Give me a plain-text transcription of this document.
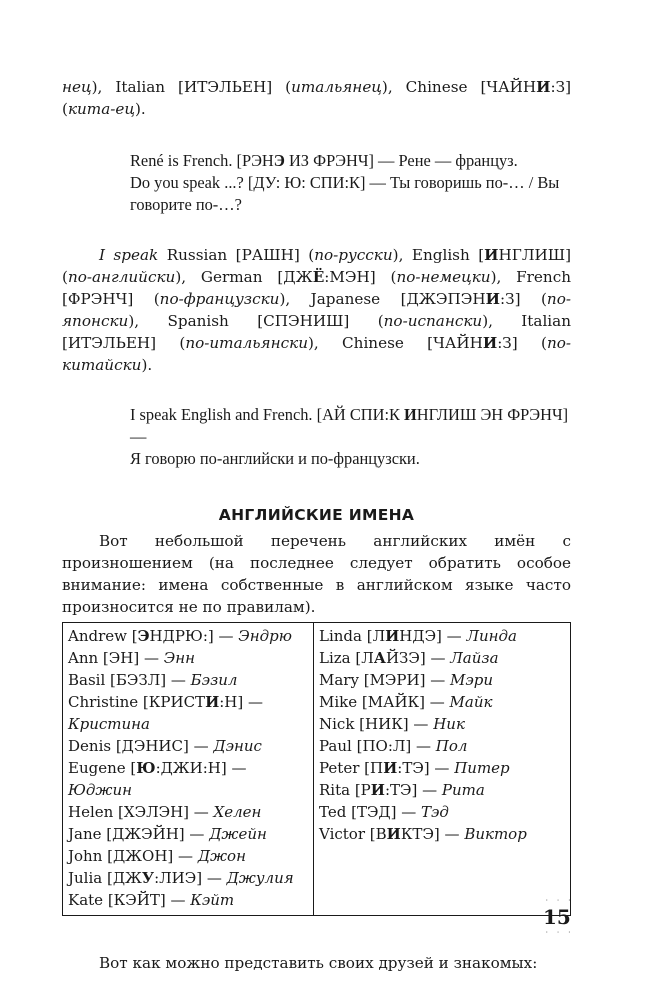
нец), Italian [ИТЭЛЬЕН] (итальянец), Chinese [ЧАЙНИ:З] (кита-ец).

René is French. [РЭНЭ ИЗ ФРЭНЧ] — Рене — француз.
Do you speak ...? [ДУ: Ю: СПИ:К] — Ты говоришь по-… / Вы говорите по-…?

I speak Russian [РАШН] (по-русски), English [ИНГЛИШ] (по-английски), German [ДЖЁ:МЭН] (по-немецки), French [ФРЭНЧ] (по-французски), Japanese [ДЖЭПЭНИ:З] (по-японски), Spanish [СПЭНИШ] (по-испански), Italian [ИТЭЛЬЕН] (по-итальянски), Chinese [ЧАЙНИ:З] (по-китайски).

I speak English and French. [АЙ СПИ:К ИНГЛИШ ЭН ФРЭНЧ] —
Я говорю по-английски и по-французски.

АНГЛИЙСКИЕ ИМЕНА

Вот небольшой перечень английских имён с произношением (на последнее следует обратить особое внимание: имена собственные в английском языке часто произносится не по правилам).

Andrew [ЭНДРЮ:] — Эндрю
Ann [ЭН] — Энн
Basil [БЭЗЛ] — Бэзил
Christine [КРИСТИ:Н] — Кристина
Denis [ДЭНИС] — Дэнис
Eugene [Ю:ДЖИ:Н] — Юджин
Helen [ХЭЛЭН] — Хелен
Jane [ДЖЭЙН] — Джейн
John [ДЖОН] — Джон
Julia [ДЖУ:ЛИЭ] — Джулия
Kate [КЭЙТ] — Кэйт

Linda [ЛИНДЭ] — Линда
Liza [ЛАЙЗЭ] — Лайза
Mary [МЭРИ] — Мэри
Mike [МАЙК] — Майк
Nick [НИК] — Ник
Paul [ПО:Л] — Пол
Peter [ПИ:ТЭ] — Питер
Rita [РИ:ТЭ] — Рита
Ted [ТЭД] — Тэд
Victor [ВИКТЭ] — Виктор

Вот как можно представить своих друзей и знакомых:

· · ·
15
· · ·
